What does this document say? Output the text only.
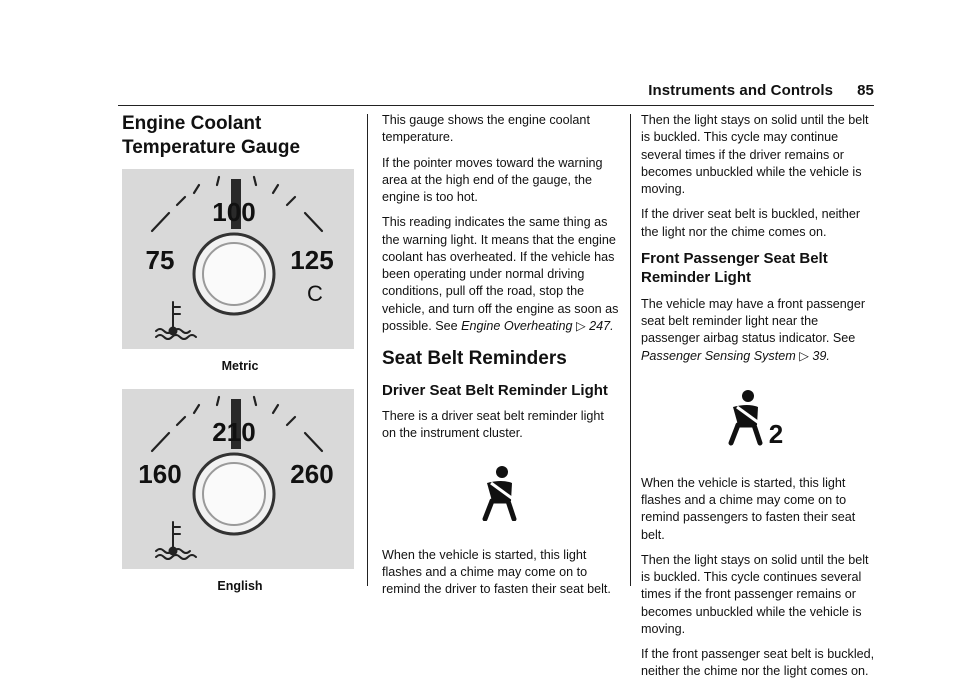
Instruments and Controls 85
Engine Coolant Temperature Gauge
100
75	125
C
Metric
210
160	260
English

This gauge shows the engine coolant temperature.

If the pointer moves toward the warning area at the high end of the gauge, the engine is too hot.

This reading indicates the same thing as the warning light. It means that the engine coolant has overheated. If the vehicle has been operating under normal driving conditions, pull off the road, stop the vehicle, and turn off the engine as soon as possible. See Engine Overheating ▷ 247.

Seat Belt Reminders
Driver Seat Belt Reminder Light

There is a driver seat belt reminder light on the instrument cluster.

When the vehicle is started, this light flashes and a chime may come on to remind the driver to fasten their seat belt.

Then the light stays on solid until the belt is buckled. This cycle may continue several times if the driver remains or becomes unbuckled while the vehicle is moving.

If the driver seat belt is buckled, neither the light nor the chime comes on.

Front Passenger Seat Belt Reminder Light

The vehicle may have a front passenger seat belt reminder light near the passenger airbag status indicator. See Passenger Sensing System ▷ 39.

2

When the vehicle is started, this light flashes and a chime may come on to remind passengers to fasten their seat belt.

Then the light stays on solid until the belt is buckled. This cycle continues several times if the front passenger remains or becomes unbuckled while the vehicle is moving.

If the front passenger seat belt is buckled, neither the chime nor the light comes on.
